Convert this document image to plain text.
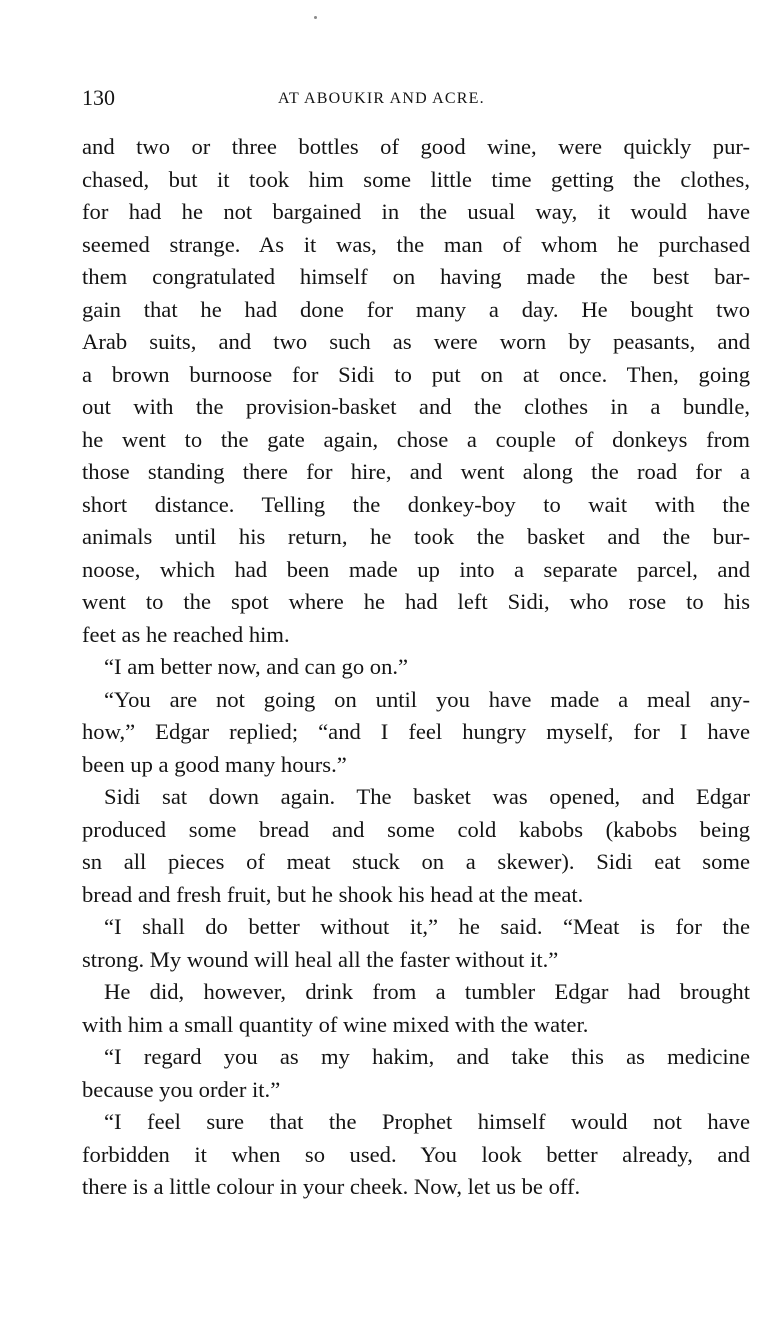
130	AT ABOUKIR AND ACRE.

and two or three bottles of good wine, were quickly pur-
chased, but it took him some little time getting the clothes,
for had he not bargained in the usual way, it would have
seemed strange. As it was, the man of whom he purchased
them congratulated himself on having made the best bar-
gain that he had done for many a day. He bought two
Arab suits, and two such as were worn by peasants, and
a brown burnoose for Sidi to put on at once. Then, going
out with the provision-basket and the clothes in a bundle,
he went to the gate again, chose a couple of donkeys from
those standing there for hire, and went along the road for a
short distance. Telling the donkey-boy to wait with the
animals until his return, he took the basket and the bur-
noose, which had been made up into a separate parcel, and
went to the spot where he had left Sidi, who rose to his
feet as he reached him.

“I am better now, and can go on.”

“You are not going on until you have made a meal any-
how,” Edgar replied; “and I feel hungry myself, for I have
been up a good many hours.”

Sidi sat down again. The basket was opened, and Edgar
produced some bread and some cold kabobs (kabobs being
sn all pieces of meat stuck on a skewer). Sidi eat some
bread and fresh fruit, but he shook his head at the meat.

“I shall do better without it,” he said. “Meat is for the
strong. My wound will heal all the faster without it.”

He did, however, drink from a tumbler Edgar had brought
with him a small quantity of wine mixed with the water.

“I regard you as my hakim, and take this as medicine
because you order it.”

“I feel sure that the Prophet himself would not have
forbidden it when so used. You look better already, and
there is a little colour in your cheek. Now, let us be off.
